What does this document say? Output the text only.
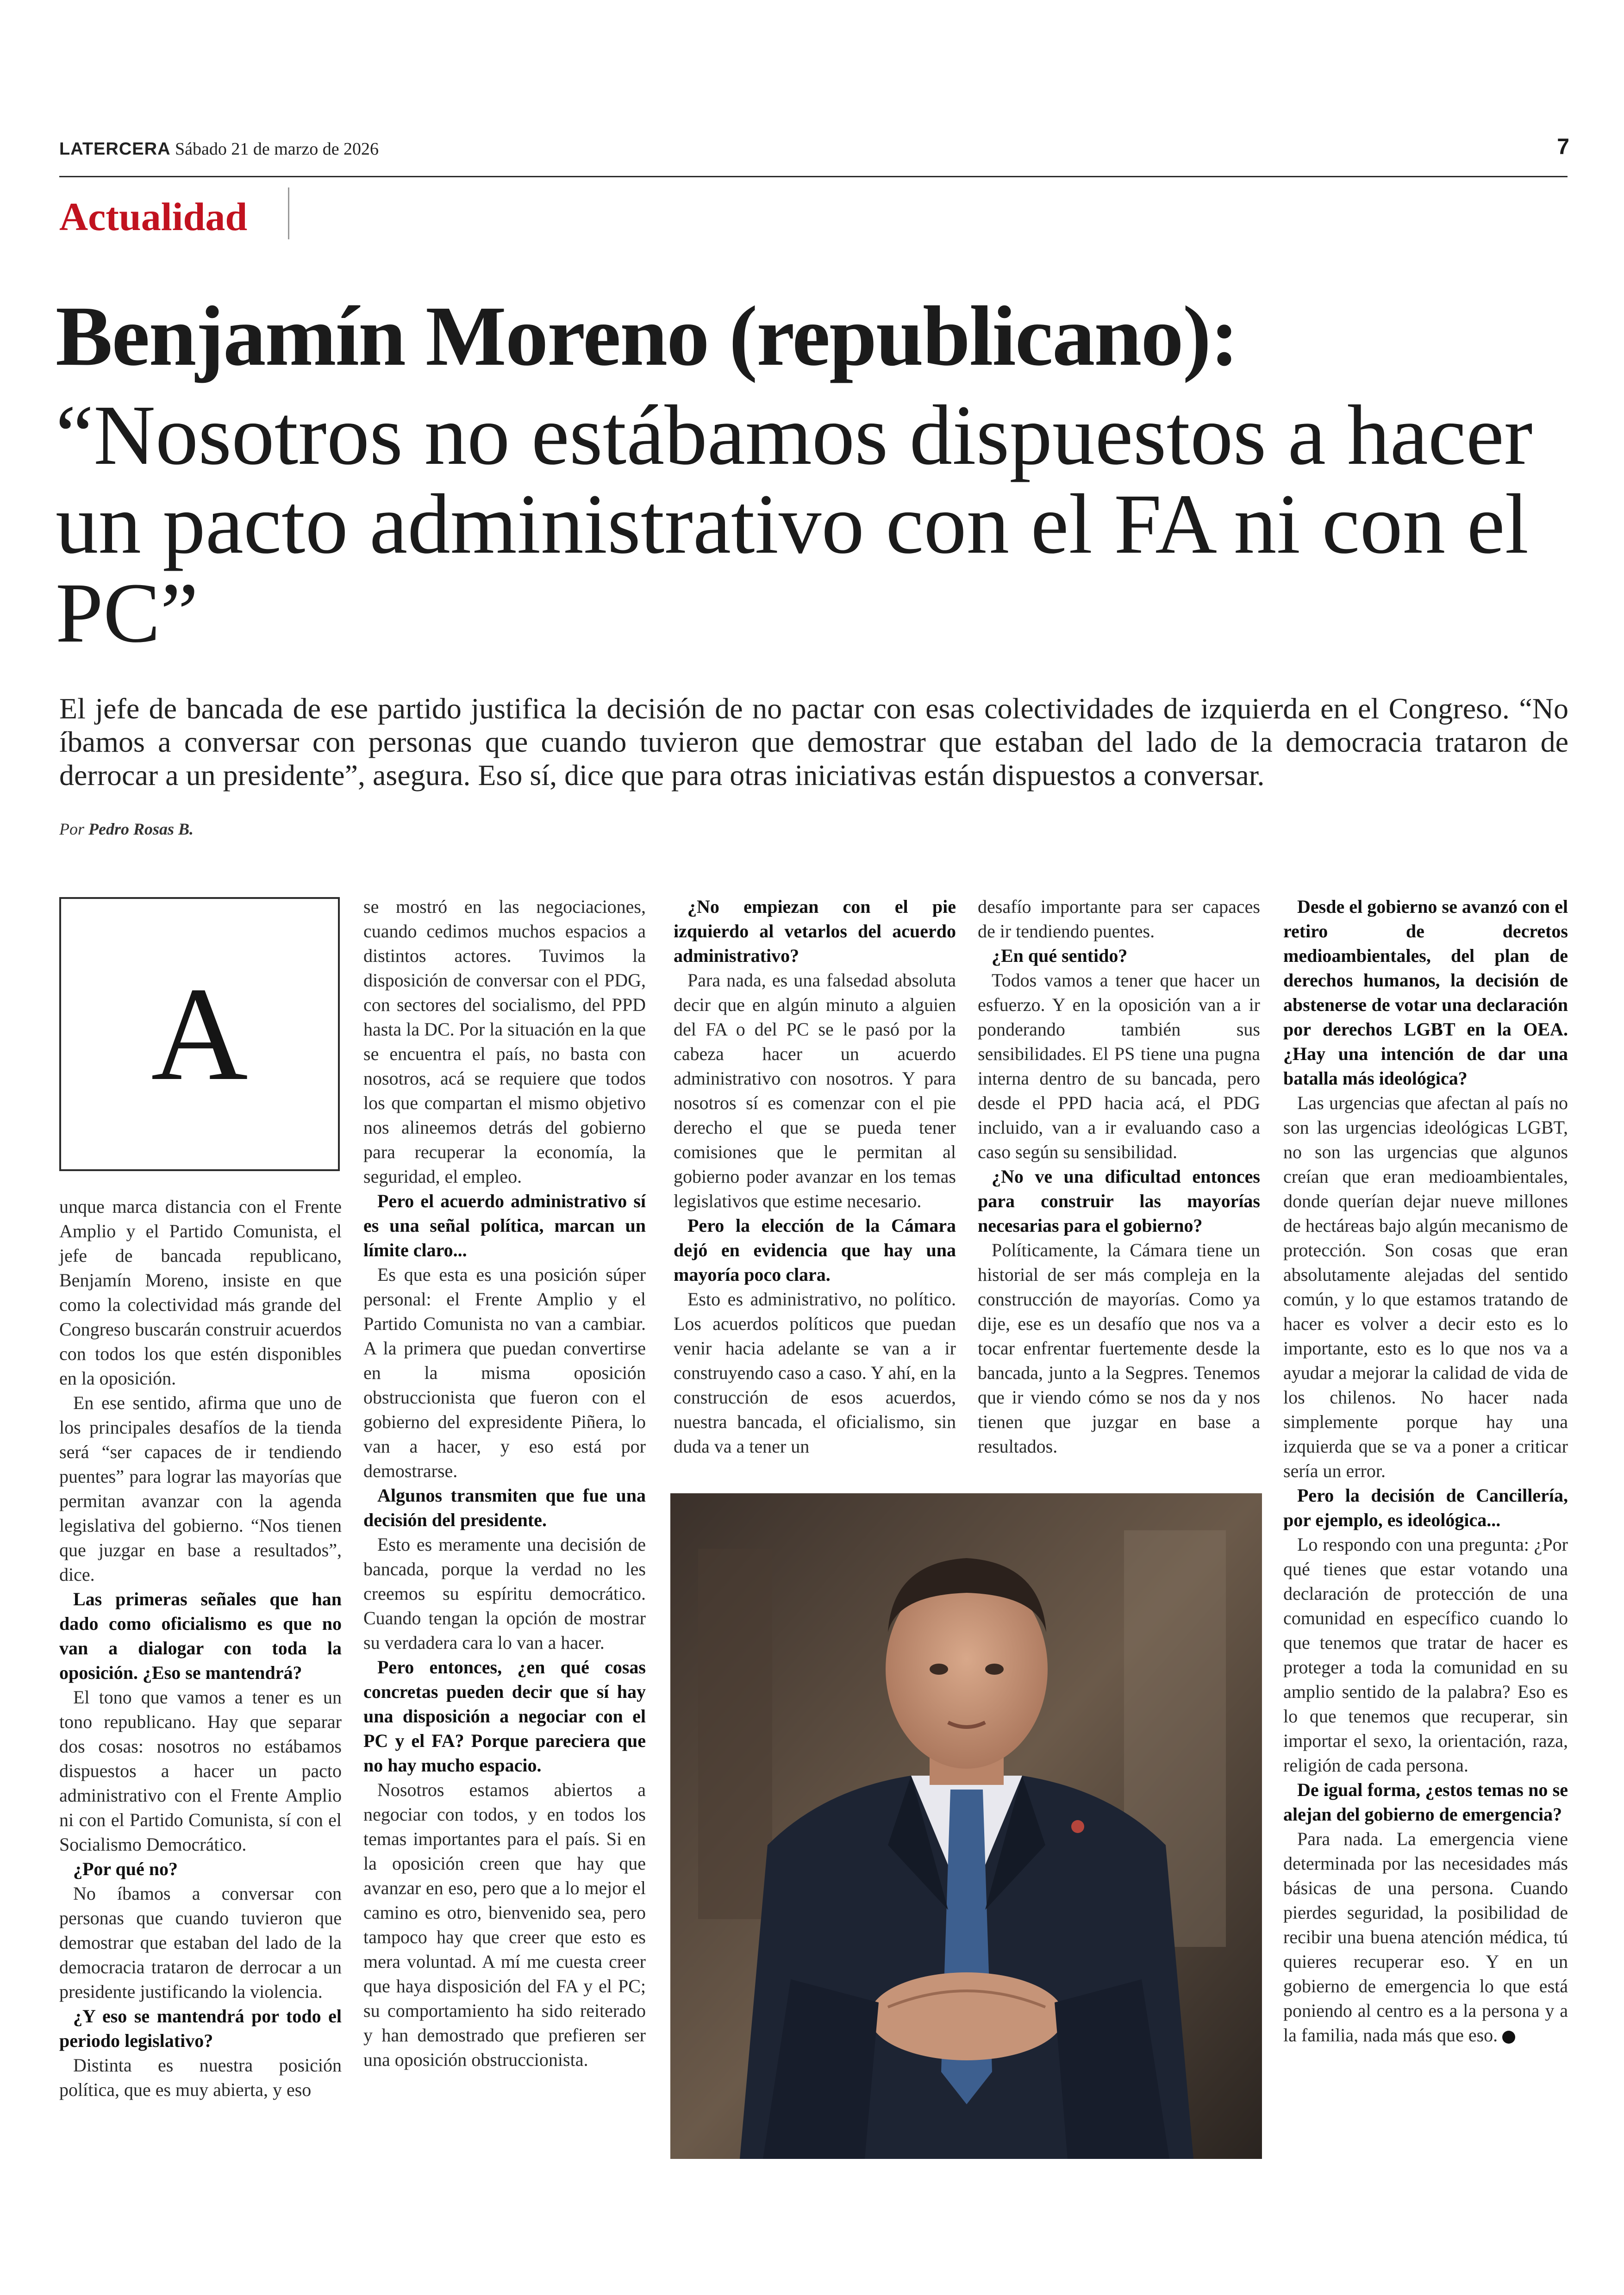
LATERCERA Sábado 21 de marzo de 2026	7
Actualidad
Benjamín Moreno (republicano):
“Nosotros no estábamos dispuestos a hacer un pacto administrativo con el FA ni con el PC”
El jefe de bancada de ese partido justifica la decisión de no pactar con esas colectividades de izquierda en el Congreso. “No íbamos a conversar con personas que cuando tuvieron que demostrar que estaban del lado de la democracia trataron de derrocar a un presidente”, asegura. Eso sí, dice que para otras iniciativas están dispuestos a conversar.
Por Pedro Rosas B.
A

unque marca distancia con el Frente Amplio y el Partido Comunista, el jefe de bancada republicano, Benjamín Moreno, insiste en que como la colectividad más grande del Congreso buscarán construir acuerdos con todos los que estén disponibles en la oposición.

En ese sentido, afirma que uno de los principales desafíos de la tienda será “ser capaces de ir tendiendo puentes” para lograr las mayorías que permitan avanzar con la agenda legislativa del gobierno. “Nos tienen que juzgar en base a resultados”, dice.

Las primeras señales que han dado como oficialismo es que no van a dialogar con toda la oposición. ¿Eso se mantendrá?

El tono que vamos a tener es un tono republicano. Hay que separar dos cosas: nosotros no estábamos dispuestos a hacer un pacto administrativo con el Frente Amplio ni con el Partido Comunista, sí con el Socialismo Democrático.

¿Por qué no?

No íbamos a conversar con personas que cuando tuvieron que demostrar que estaban del lado de la democracia trataron de derrocar a un presidente justificando la violencia.

¿Y eso se mantendrá por todo el periodo legislativo?

Distinta es nuestra posición política, que es muy abierta, y eso

se mostró en las negociaciones, cuando cedimos muchos espacios a distintos actores. Tuvimos la disposición de conversar con el PDG, con sectores del socialismo, del PPD hasta la DC. Por la situación en la que se encuentra el país, no basta con nosotros, acá se requiere que todos los que compartan el mismo objetivo nos alineemos detrás del gobierno para recuperar la economía, la seguridad, el empleo.

Pero el acuerdo administrativo sí es una señal política, marcan un límite claro...

Es que esta es una posición súper personal: el Frente Amplio y el Partido Comunista no van a cambiar. A la primera que puedan convertirse en la misma oposición obstruccionista que fueron con el gobierno del expresidente Piñera, lo van a hacer, y eso está por demostrarse.

Algunos transmiten que fue una decisión del presidente.

Esto es meramente una decisión de bancada, porque la verdad no les creemos su espíritu democrático. Cuando tengan la opción de mostrar su verdadera cara lo van a hacer.

Pero entonces, ¿en qué cosas concretas pueden decir que sí hay una disposición a negociar con el PC y el FA? Porque pareciera que no hay mucho espacio.

Nosotros estamos abiertos a negociar con todos, y en todos los temas importantes para el país. Si en la oposición creen que hay que avanzar en eso, pero que a lo mejor el camino es otro, bienvenido sea, pero tampoco hay que creer que esto es mera voluntad. A mí me cuesta creer que haya disposición del FA y el PC; su comportamiento ha sido reiterado y han demostrado que prefieren ser una oposición obstruccionista.

¿No empiezan con el pie izquierdo al vetarlos del acuerdo administrativo?

Para nada, es una falsedad absoluta decir que en algún minuto a alguien del FA o del PC se le pasó por la cabeza hacer un acuerdo administrativo con nosotros. Y para nosotros sí es comenzar con el pie derecho el que se pueda tener comisiones que le permitan al gobierno poder avanzar en los temas legislativos que estime necesario.

Pero la elección de la Cámara dejó en evidencia que hay una mayoría poco clara.

Esto es administrativo, no político. Los acuerdos políticos que puedan venir hacia adelante se van a ir construyendo caso a caso. Y ahí, en la construcción de esos acuerdos, nuestra bancada, el oficialismo, sin duda va a tener un

desafío importante para ser capaces de ir tendiendo puentes.

¿En qué sentido?

Todos vamos a tener que hacer un esfuerzo. Y en la oposición van a ir ponderando también sus sensibilidades. El PS tiene una pugna interna dentro de su bancada, pero desde el PPD hacia acá, el PDG incluido, van a ir evaluando caso a caso según su sensibilidad.

¿No ve una dificultad entonces para construir las mayorías necesarias para el gobierno?

Políticamente, la Cámara tiene un historial de ser más compleja en la construcción de mayorías. Como ya dije, ese es un desafío que nos va a tocar enfrentar fuertemente desde la bancada, junto a la Segpres. Tenemos que ir viendo cómo se nos da y nos tienen que juzgar en base a resultados.

Desde el gobierno se avanzó con el retiro de decretos medioambientales, del plan de derechos humanos, la decisión de abstenerse de votar una declaración por derechos LGBT en la OEA. ¿Hay una intención de dar una batalla más ideológica?

Las urgencias que afectan al país no son las urgencias ideológicas LGBT, no son las urgencias que algunos creían que eran medioambientales, donde querían dejar nueve millones de hectáreas bajo algún mecanismo de protección. Son cosas que eran absolutamente alejadas del sentido común, y lo que estamos tratando de hacer es volver a decir esto es lo importante, esto es lo que nos va a ayudar a mejorar la calidad de vida de los chilenos. No hacer nada simplemente porque hay una izquierda que se va a poner a criticar sería un error.

Pero la decisión de Cancillería, por ejemplo, es ideológica...

Lo respondo con una pregunta: ¿Por qué tienes que estar votando una declaración de protección de una comunidad en específico cuando lo que tenemos que tratar de hacer es proteger a toda la comunidad en su amplio sentido de la palabra? Eso es lo que tenemos que recuperar, sin importar el sexo, la orientación, raza, religión de cada persona.

De igual forma, ¿estos temas no se alejan del gobierno de emergencia?

Para nada. La emergencia viene determinada por las necesidades más básicas de una persona. Cuando pierdes seguridad, la posibilidad de recibir una buena atención médica, tú quieres recuperar eso. Y en un gobierno de emergencia lo que está poniendo al centro es a la persona y a la familia, nada más que eso.
